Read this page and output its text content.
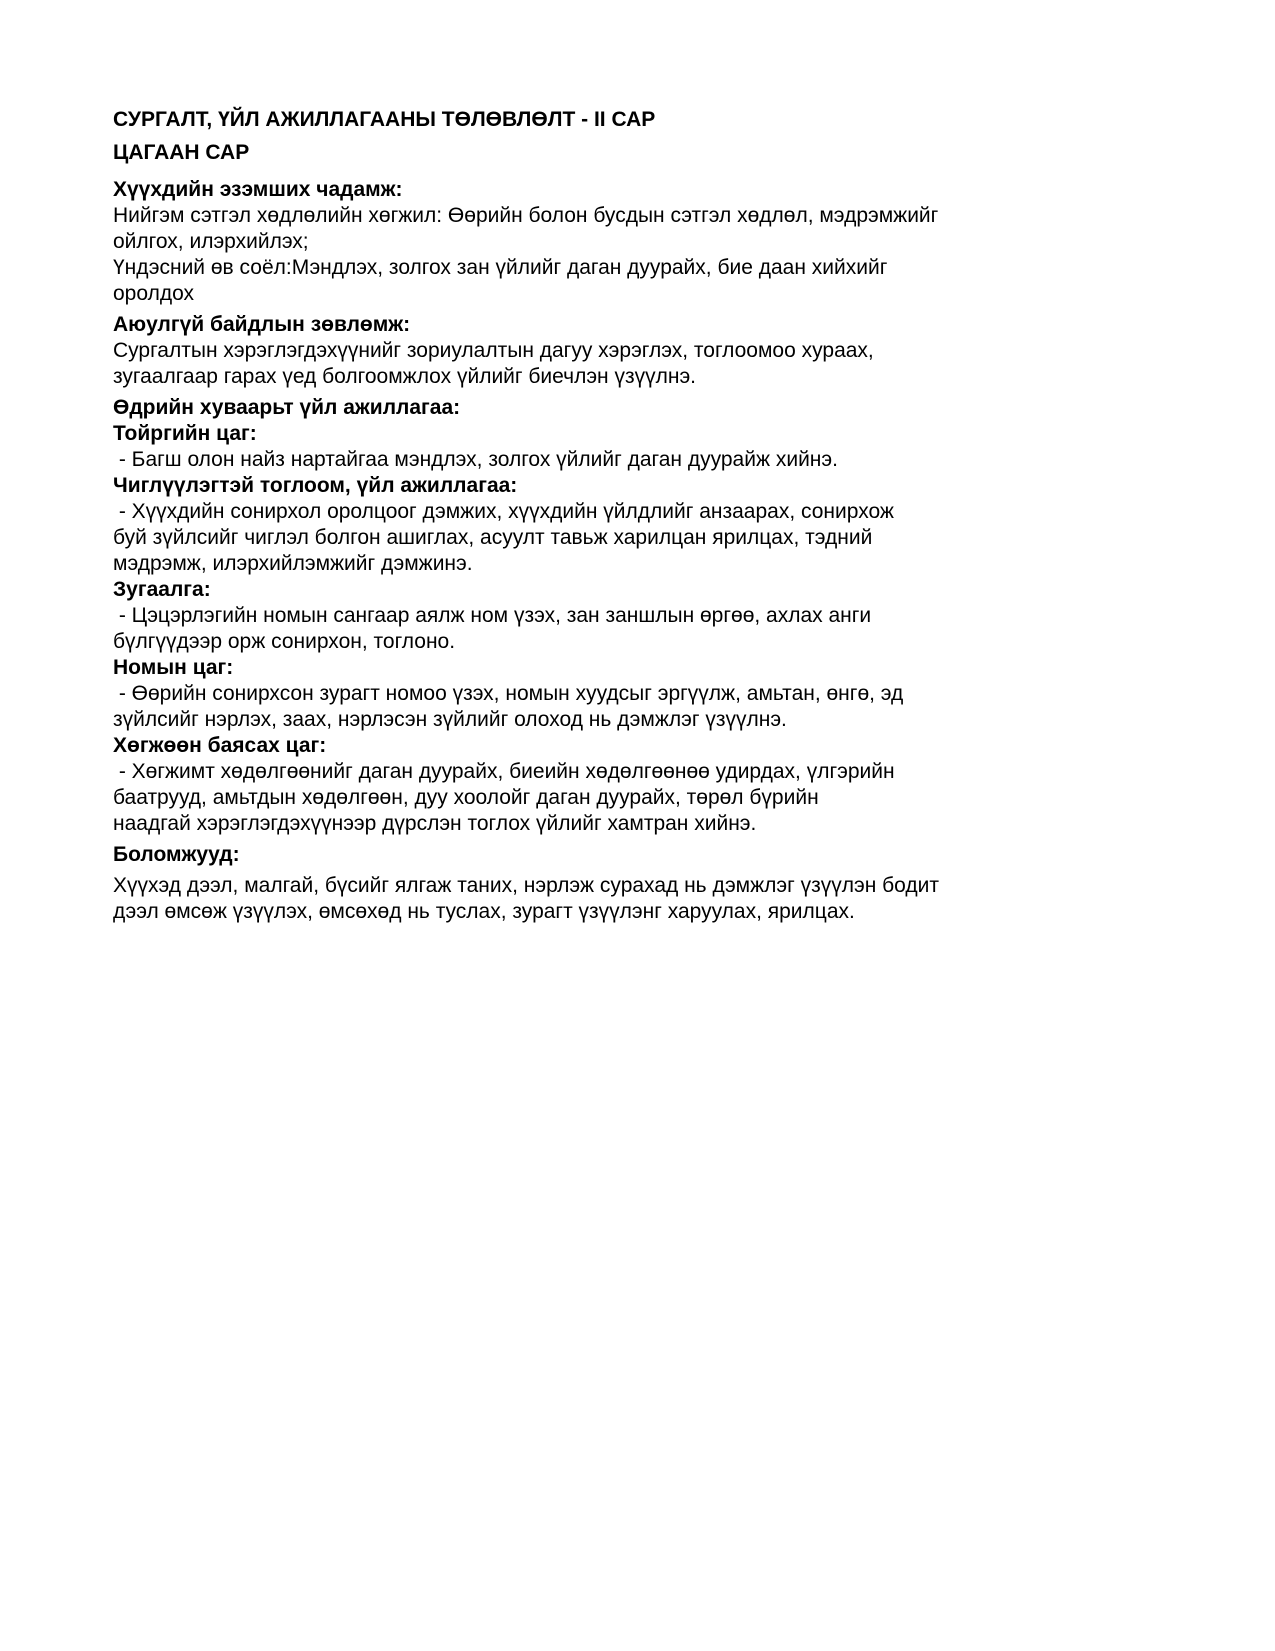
СУРГАЛТ, ҮЙЛ АЖИЛЛАГААНЫ ТӨЛӨВЛӨЛТ - II САР
ЦАГААН САР
Хүүхдийн эзэмших чадамж:
Нийгэм сэтгэл хөдлөлийн хөгжил: Өөрийн болон бусдын сэтгэл хөдлөл, мэдрэмжийг
ойлгох, илэрхийлэх;
Үндэсний өв соёл:Мэндлэх, золгох зан үйлийг даган дуурайх, бие даан хийхийг
оролдох
Аюулгүй байдлын зөвлөмж:
Сургалтын хэрэглэгдэхүүнийг зориулалтын дагуу хэрэглэх, тоглоомоо хураах,
зугаалгаар гарах үед болгоомжлох үйлийг биечлэн үзүүлнэ.
Өдрийн хуваарьт үйл ажиллагаа:
Тойргийн цаг:
- Багш олон найз нартайгаа мэндлэх, золгох үйлийг даган дуурайж хийнэ.
Чиглүүлэгтэй тоглоом, үйл ажиллагаа:
- Хүүхдийн сонирхол оролцоог дэмжих, хүүхдийн үйлдлийг анзаарах, сонирхож
буй зүйлсийг чиглэл болгон ашиглах, асуулт тавьж харилцан ярилцах, тэдний
мэдрэмж, илэрхийлэмжийг дэмжинэ.
Зугаалга:
- Цэцэрлэгийн номын сангаар аялж ном үзэх, зан заншлын өргөө, ахлах анги
бүлгүүдээр орж сонирхон, тоглоно.
Номын цаг:
- Өөрийн сонирхсон зурагт номоо үзэх, номын хуудсыг эргүүлж, амьтан, өнгө, эд
зүйлсийг нэрлэх, заах, нэрлэсэн зүйлийг олоход нь дэмжлэг үзүүлнэ.
Хөгжөөн баясах цаг:
- Хөгжимт хөдөлгөөнийг даган дуурайх, биеийн хөдөлгөөнөө удирдах, үлгэрийн
баатрууд, амьтдын хөдөлгөөн, дуу хоолойг даган дуурайх, төрөл бүрийн
наадгай хэрэглэгдэхүүнээр дүрслэн тоглох үйлийг хамтран хийнэ.
Боломжууд:
Хүүхэд дээл, малгай, бүсийг ялгаж таних, нэрлэж сурахад нь дэмжлэг үзүүлэн бодит
дээл өмсөж үзүүлэх, өмсөхөд нь туслах, зурагт үзүүлэнг харуулах, ярилцах.
